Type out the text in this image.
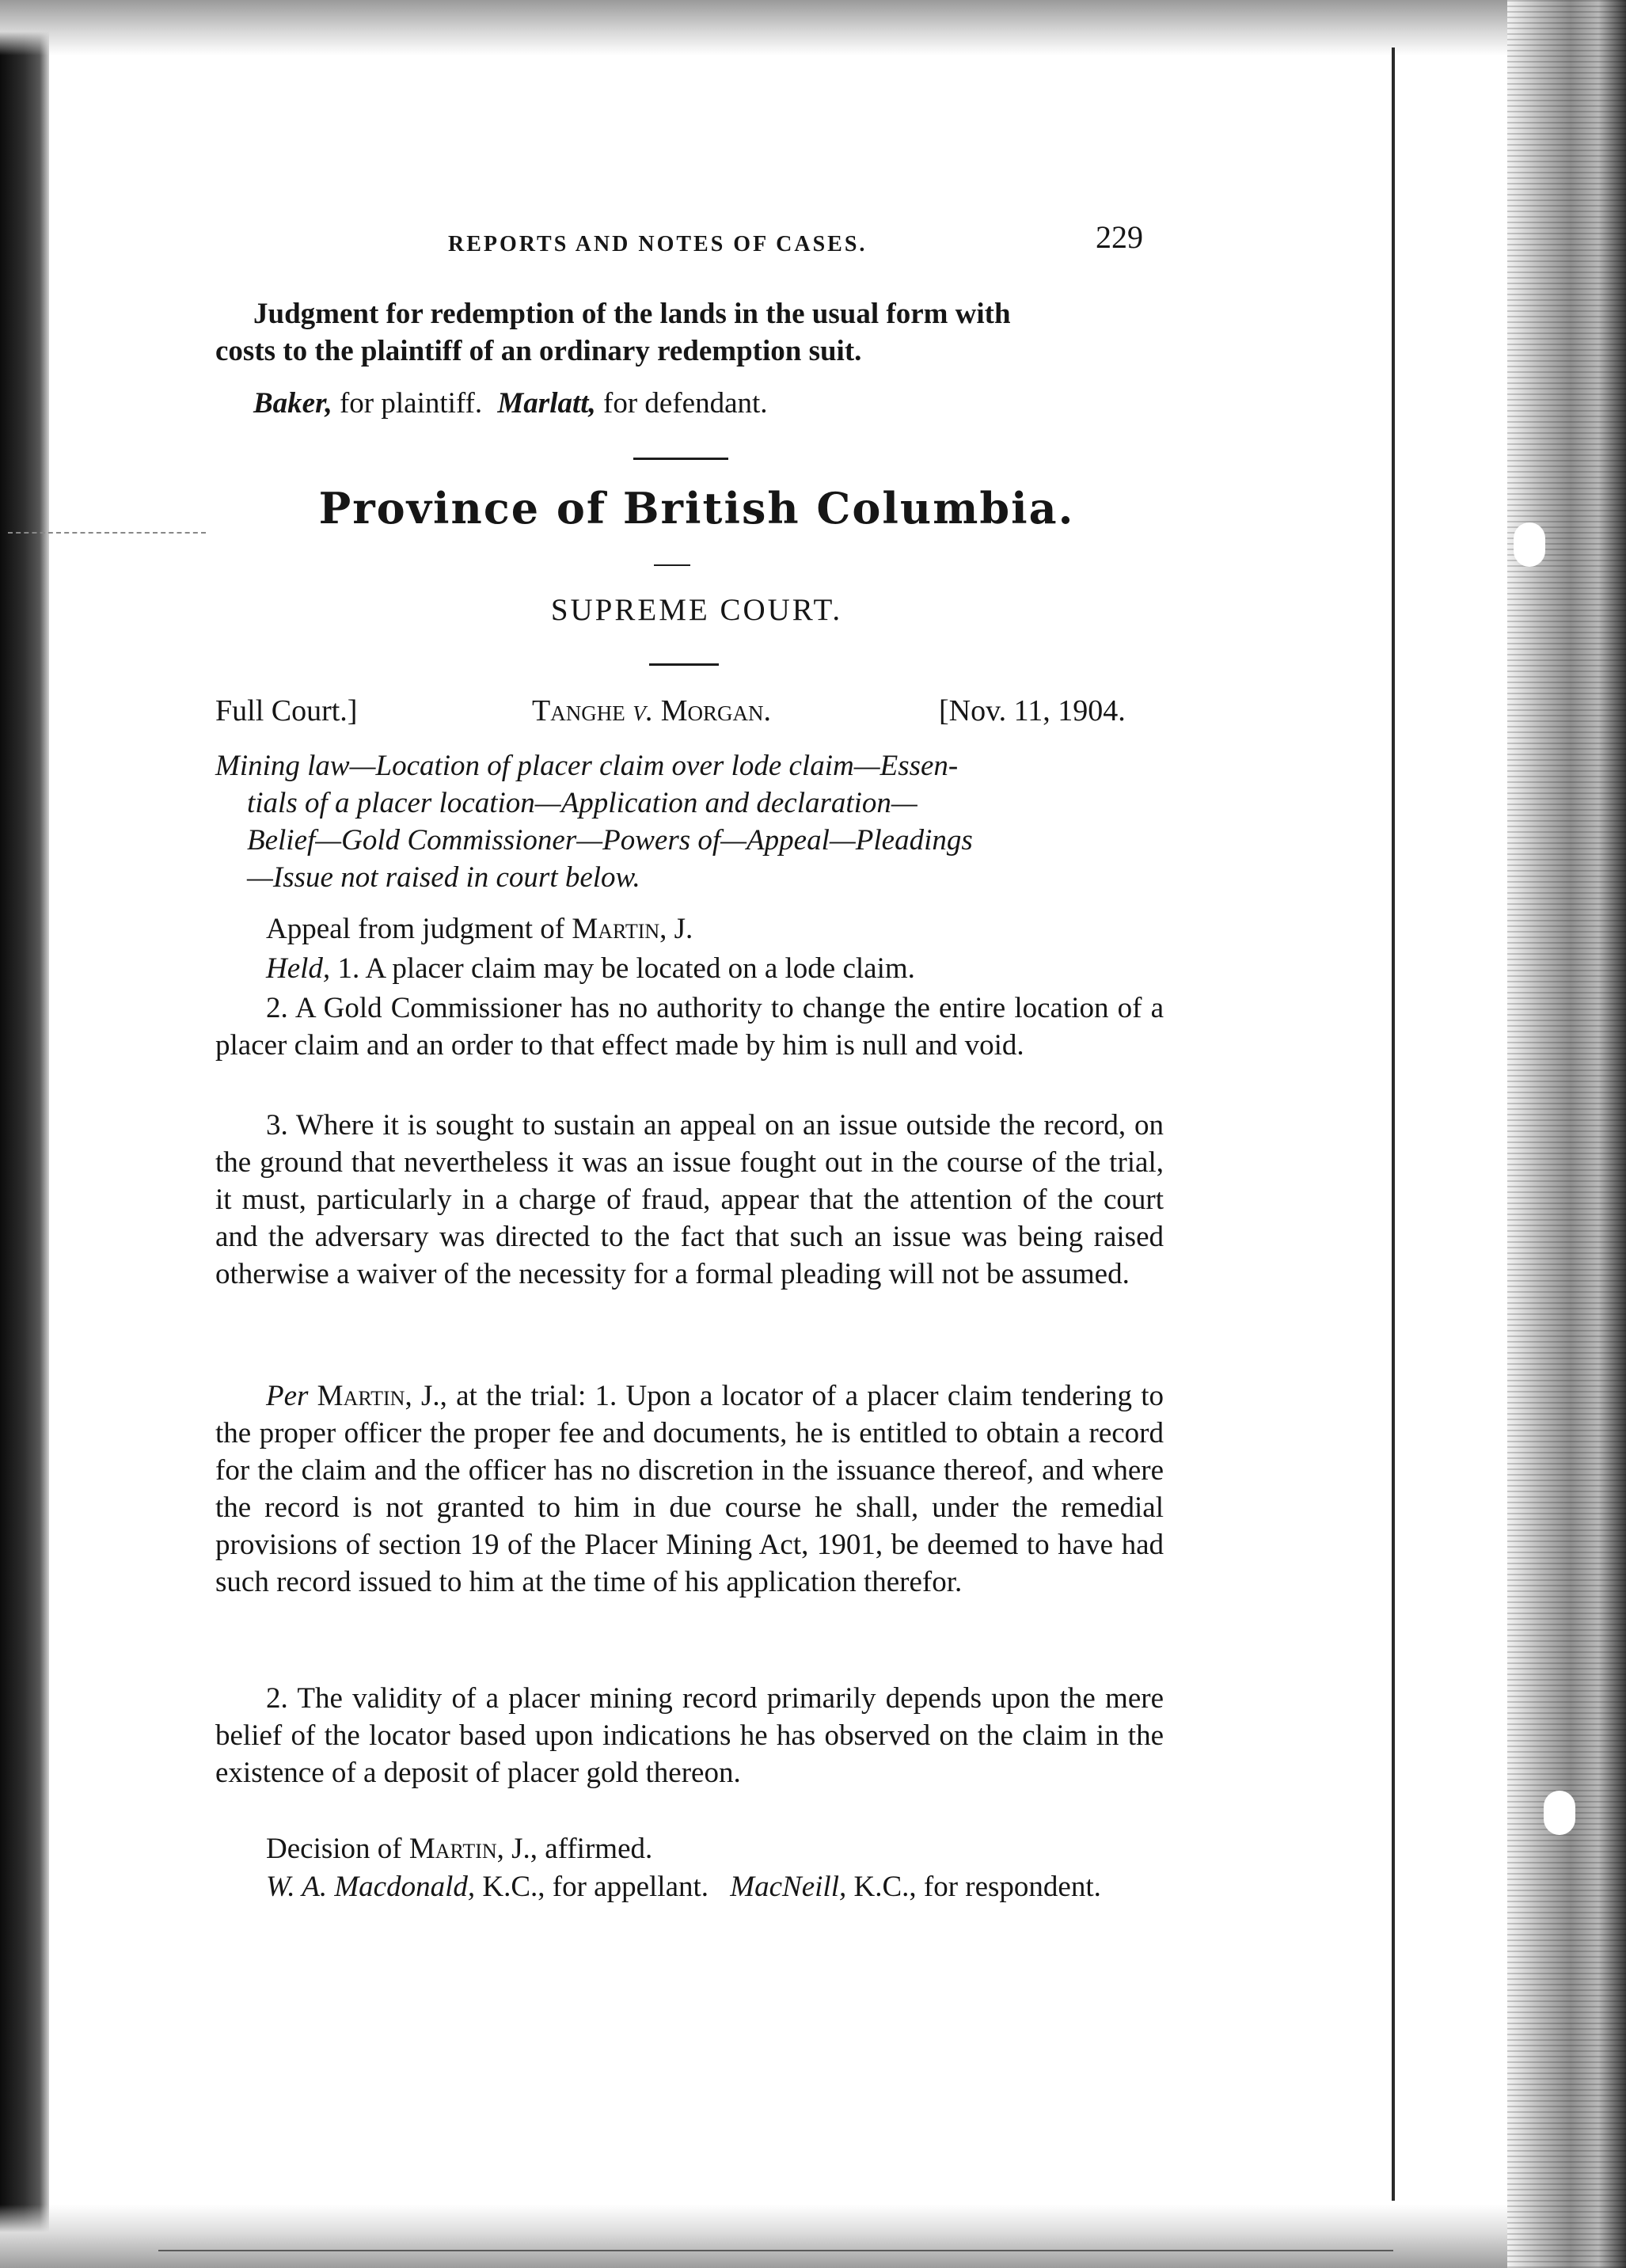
REPORTS AND NOTES OF CASES.	229

Judgment for redemption of the lands in the usual form with
costs to the plaintiff of an ordinary redemption suit.

Baker, for plaintiff. Marlatt, for defendant.

Province of British Columbia.
SUPREME COURT.
Full Court.]	Tanghe v. Morgan.	[Nov. 11, 1904.

Mining law—Location of placer claim over lode claim—Essen-
tials of a placer location—Application and declaration—
Belief—Gold Commissioner—Powers of—Appeal—Pleadings
—Issue not raised in court below.

Appeal from judgment of Martin, J.

Held, 1. A placer claim may be located on a lode claim.

2. A Gold Commissioner has no authority to change the entire location of a placer claim and an order to that effect made by him is null and void.

3. Where it is sought to sustain an appeal on an issue outside the record, on the ground that nevertheless it was an issue fought out in the course of the trial, it must, particularly in a charge of fraud, appear that the attention of the court and the adversary was directed to the fact that such an issue was being raised otherwise a waiver of the necessity for a formal pleading will not be assumed.

Per Martin, J., at the trial: 1. Upon a locator of a placer claim tendering to the proper officer the proper fee and documents, he is entitled to obtain a record for the claim and the officer has no discretion in the issuance thereof, and where the record is not granted to him in due course he shall, under the remedial provisions of section 19 of the Placer Mining Act, 1901, be deemed to have had such record issued to him at the time of his application therefor.

2. The validity of a placer mining record primarily depends upon the mere belief of the locator based upon indications he has observed on the claim in the existence of a deposit of placer gold thereon.

Decision of Martin, J., affirmed.

W. A. Macdonald, K.C., for appellant. MacNeill, K.C., for respondent.
